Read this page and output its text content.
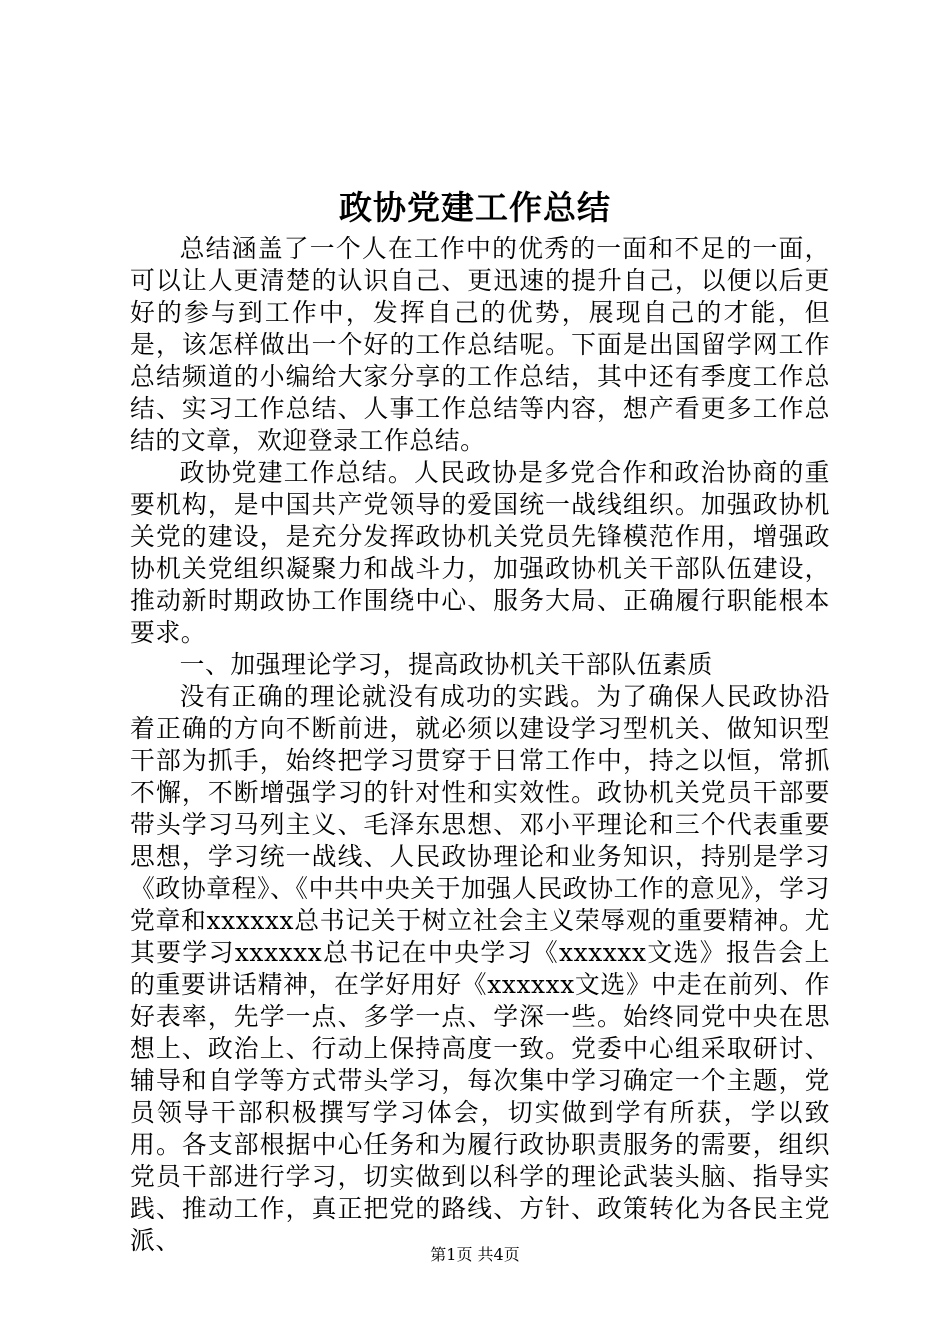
政协党建工作总结

总结涵盖了一个人在工作中的优秀的一面和不足的一面，可以让人更清楚的认识自己、更迅速的提升自己，以便以后更好的参与到工作中，发挥自己的优势，展现自己的才能，但是，该怎样做出一个好的工作总结呢。下面是出国留学网工作总结频道的小编给大家分享的工作总结，其中还有季度工作总结、实习工作总结、人事工作总结等内容，想产看更多工作总结的文章，欢迎登录工作总结。

政协党建工作总结。人民政协是多党合作和政治协商的重要机构，是中国共产党领导的爱国统一战线组织。加强政协机关党的建设，是充分发挥政协机关党员先锋模范作用，增强政协机关党组织凝聚力和战斗力，加强政协机关干部队伍建设，推动新时期政协工作围绕中心、服务大局、正确履行职能根本要求。

一、加强理论学习，提高政协机关干部队伍素质

没有正确的理论就没有成功的实践。为了确保人民政协沿着正确的方向不断前进，就必须以建设学习型机关、做知识型干部为抓手，始终把学习贯穿于日常工作中，持之以恒，常抓不懈，不断增强学习的针对性和实效性。政协机关党员干部要带头学习马列主义、毛泽东思想、邓小平理论和三个代表重要思想，学习统一战线、人民政协理论和业务知识，持别是学习《政协章程》、《中共中央关于加强人民政协工作的意见》，学习党章和xxxxxx总书记关于树立社会主义荣辱观的重要精神。尤其要学习xxxxxx总书记在中央学习《xxxxxx文选》报告会上的重要讲话精神，在学好用好《xxxxxx文选》中走在前列、作好表率，先学一点、多学一点、学深一些。始终同党中央在思想上、政治上、行动上保持高度一致。党委中心组采取研讨、辅导和自学等方式带头学习，每次集中学习确定一个主题，党员领导干部积极撰写学习体会，切实做到学有所获，学以致用。各支部根据中心任务和为履行政协职责服务的需要，组织党员干部进行学习，切实做到以科学的理论武装头脑、指导实践、推动工作，真正把党的路线、方针、政策转化为各民主党派、	第1页 共4页
